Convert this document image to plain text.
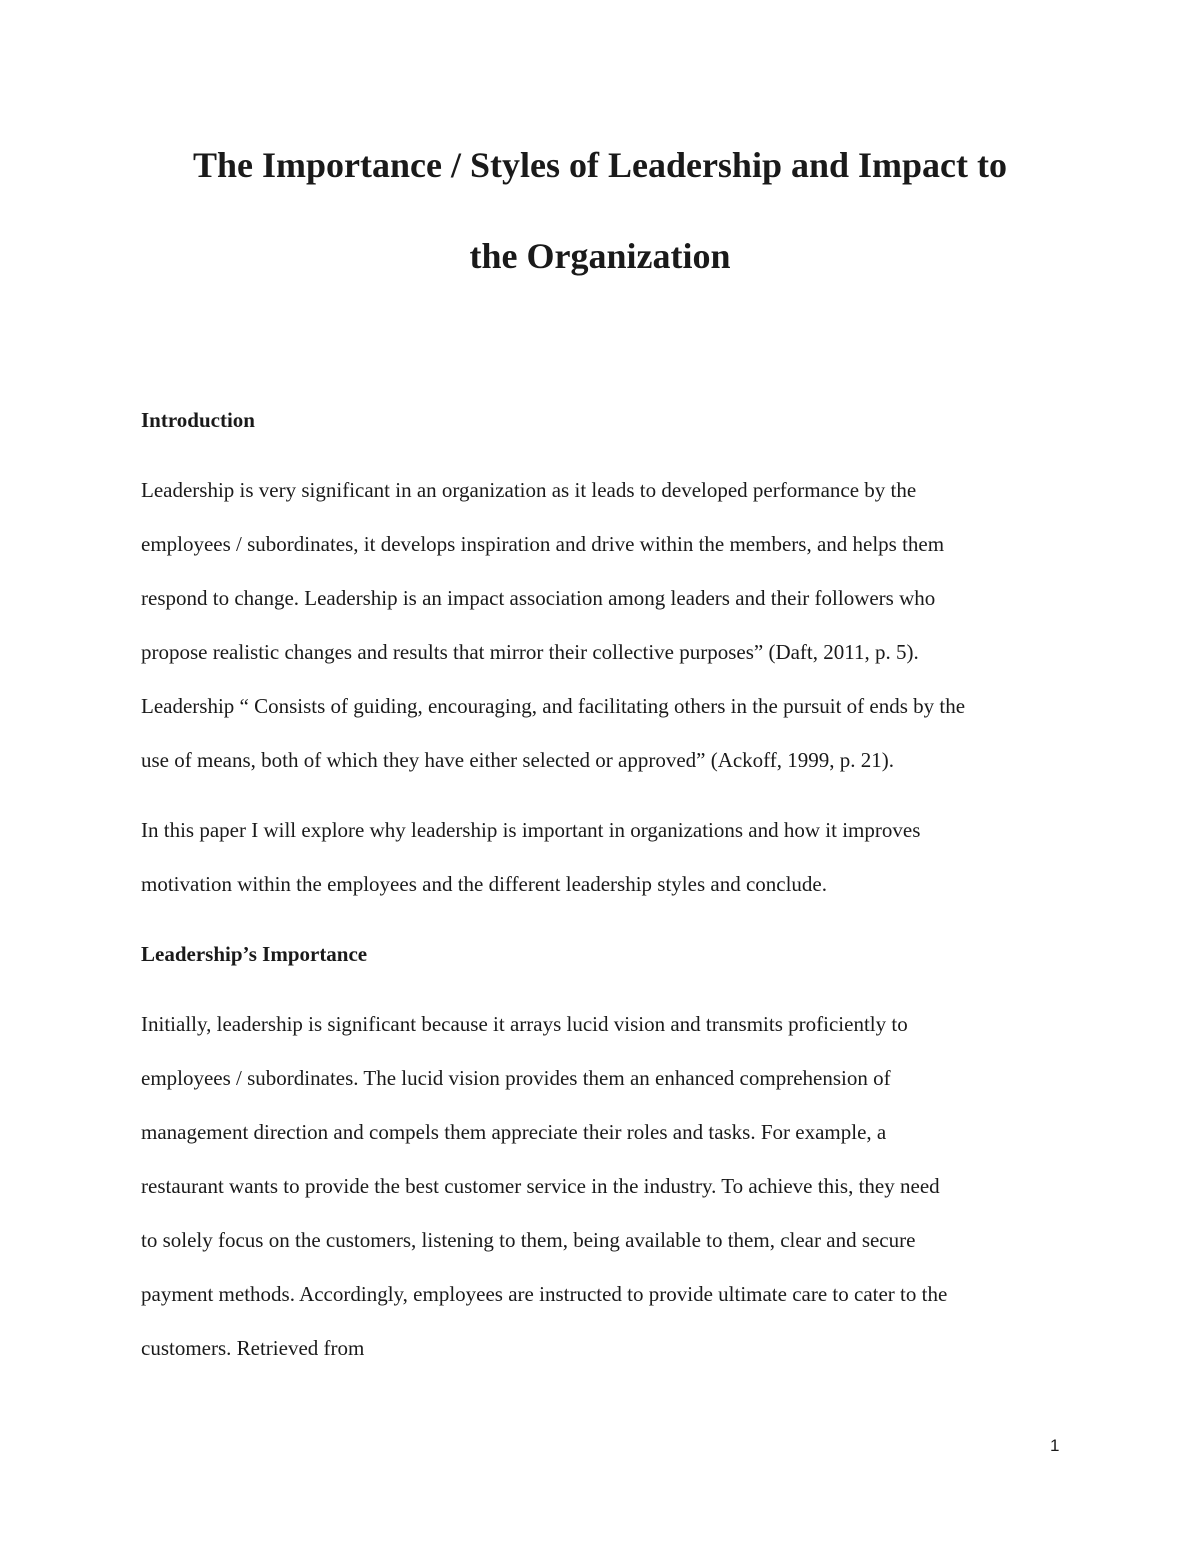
The Importance / Styles of Leadership and Impact to
the Organization
Introduction

Leadership is very significant in an organization as it leads to developed performance by the
employees / subordinates, it develops inspiration and drive within the members, and helps them
respond to change. Leadership is an impact association among leaders and their followers who
propose realistic changes and results that mirror their collective purposes” (Daft, 2011, p. 5).
Leadership “ Consists of guiding, encouraging, and facilitating others in the pursuit of ends by the
use of means, both of which they have either selected or approved” (Ackoff, 1999, p. 21).

In this paper I will explore why leadership is important in organizations and how it improves
motivation within the employees and the different leadership styles and conclude.

Leadership’s Importance

Initially, leadership is significant because it arrays lucid vision and transmits proficiently to
employees / subordinates. The lucid vision provides them an enhanced comprehension of
management direction and compels them appreciate their roles and tasks. For example, a
restaurant wants to provide the best customer service in the industry. To achieve this, they need
to solely focus on the customers, listening to them, being available to them, clear and secure
payment methods. Accordingly, employees are instructed to provide ultimate care to cater to the
customers. Retrieved from

1
